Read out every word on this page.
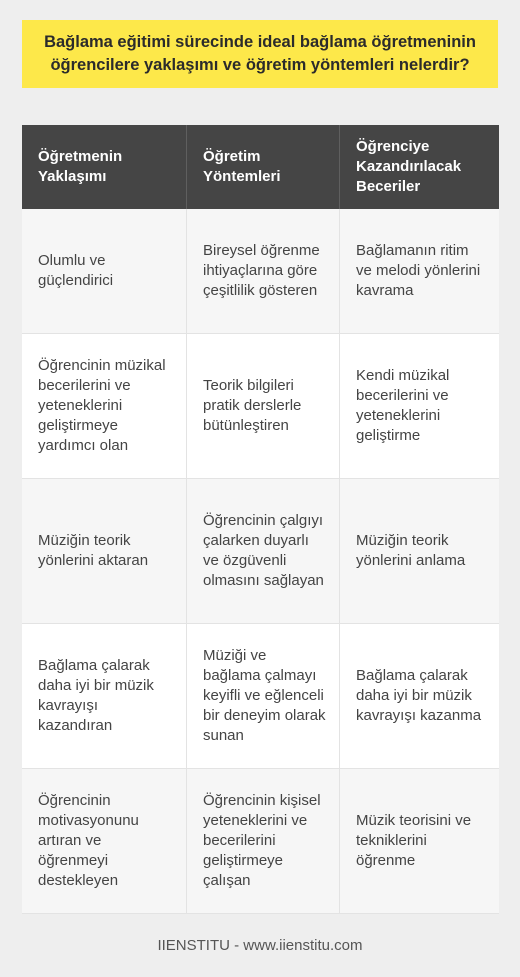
Bağlama eğitimi sürecinde ideal bağlama öğretmeninin öğrencilere yaklaşımı ve öğretim yöntemleri nelerdir?
Öğretmenin Yaklaşımı	Öğretim Yöntemleri	Öğrenciye Kazandırılacak Beceriler
Olumlu ve güçlendirici	Bireysel öğrenme ihtiyaçlarına göre çeşitlilik gösteren	Bağlamanın ritim ve melodi yönlerini kavrama
Öğrencinin müzikal becerilerini ve yeteneklerini geliştirmeye yardımcı olan	Teorik bilgileri pratik derslerle bütünleştiren	Kendi müzikal becerilerini ve yeteneklerini geliştirme
Müziğin teorik yönlerini aktaran	Öğrencinin çalgıyı çalarken duyarlı ve özgüvenli olmasını sağlayan	Müziğin teorik yönlerini anlama
Bağlama çalarak daha iyi bir müzik kavrayışı kazandıran	Müziği ve bağlama çalmayı keyifli ve eğlenceli bir deneyim olarak sunan	Bağlama çalarak daha iyi bir müzik kavrayışı kazanma
Öğrencinin motivasyonunu artıran ve öğrenmeyi destekleyen	Öğrencinin kişisel yeteneklerini ve becerilerini geliştirmeye çalışan	Müzik teorisini ve tekniklerini öğrenme
IIENSTITU - www.iienstitu.com
